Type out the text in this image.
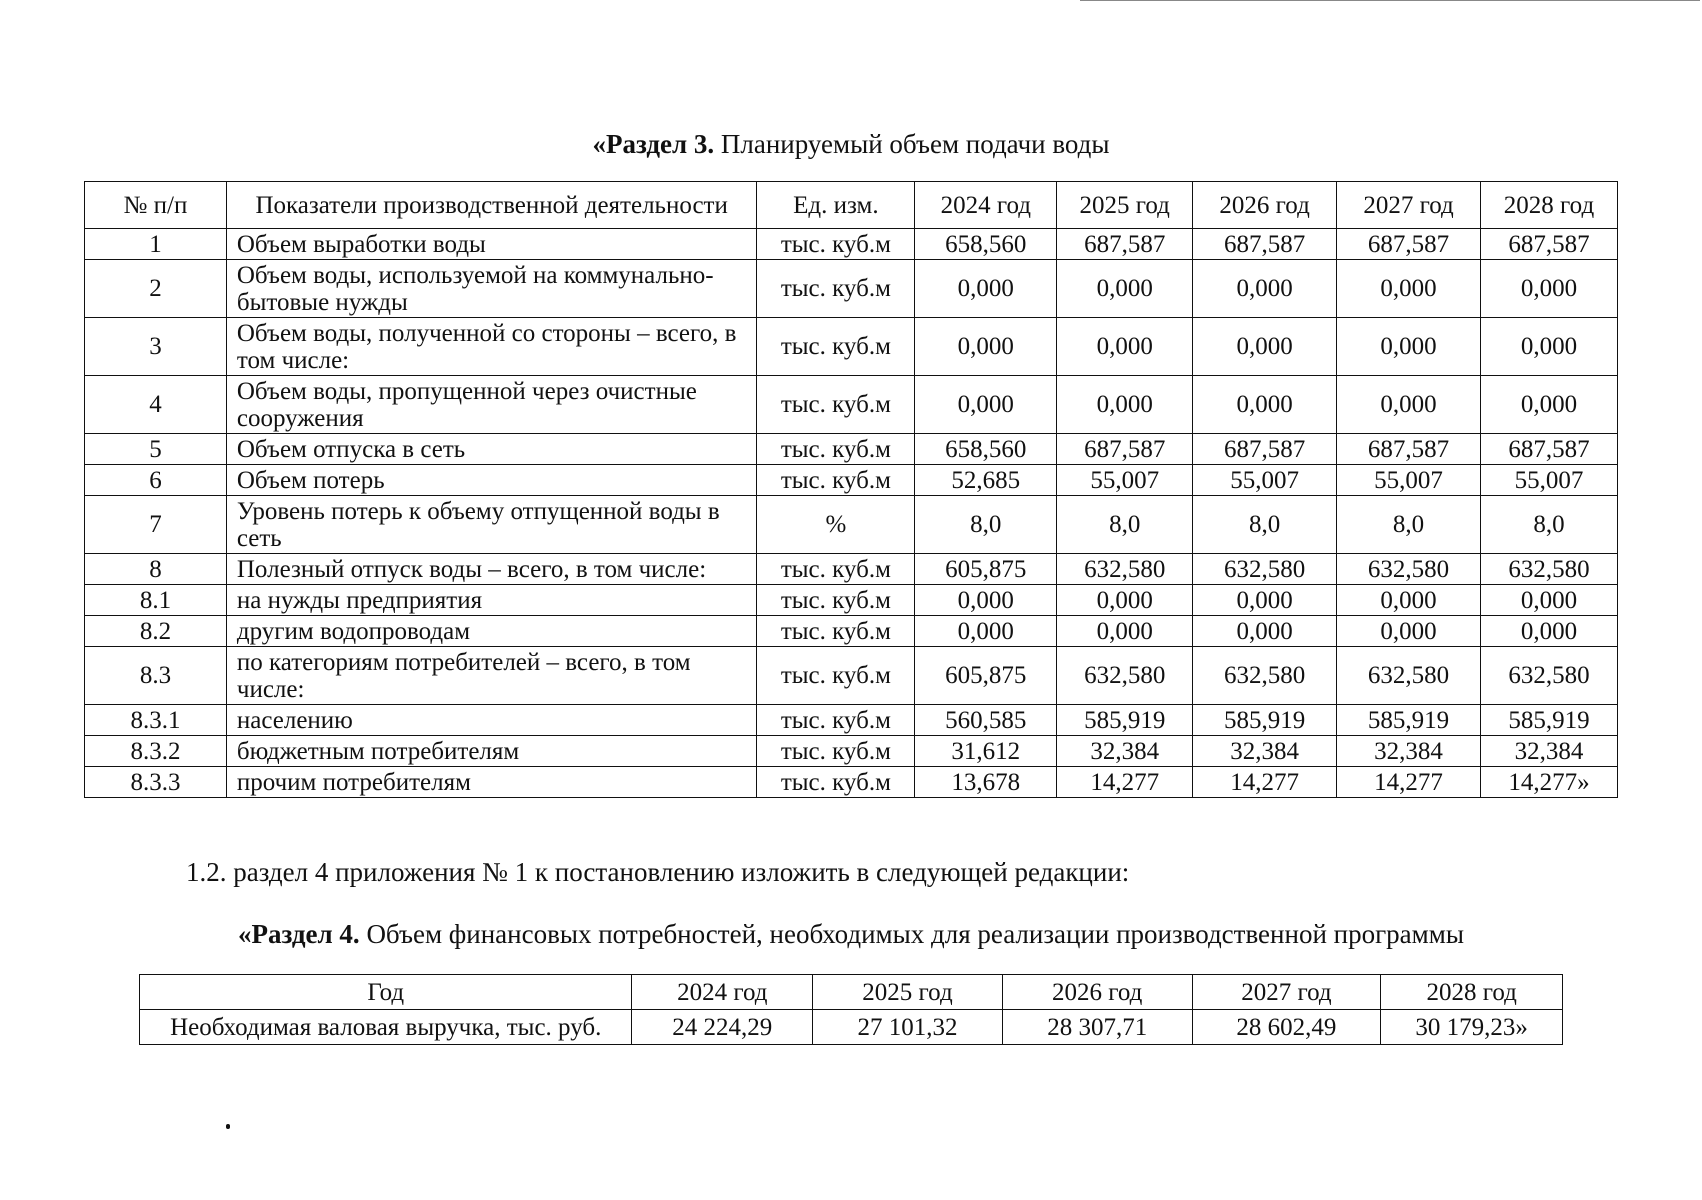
«Раздел 3. Планируемый объем подачи воды
№ п/п	Показатели производственной деятельности	Ед. изм.	2024 год	2025 год	2026 год	2027 год	2028 год
1	Объем выработки воды	тыс. куб.м	658,560	687,587	687,587	687,587	687,587
2	Объем воды, используемой на коммунально-бытовые нужды	тыс. куб.м	0,000	0,000	0,000	0,000	0,000
3	Объем воды, полученной со стороны – всего, в том числе:	тыс. куб.м	0,000	0,000	0,000	0,000	0,000
4	Объем воды, пропущенной через очистные сооружения	тыс. куб.м	0,000	0,000	0,000	0,000	0,000
5	Объем отпуска в сеть	тыс. куб.м	658,560	687,587	687,587	687,587	687,587
6	Объем потерь	тыс. куб.м	52,685	55,007	55,007	55,007	55,007
7	Уровень потерь к объему отпущенной воды в сеть	%	8,0	8,0	8,0	8,0	8,0
8	Полезный отпуск воды – всего, в том числе:	тыс. куб.м	605,875	632,580	632,580	632,580	632,580
8.1	на нужды предприятия	тыс. куб.м	0,000	0,000	0,000	0,000	0,000
8.2	другим водопроводам	тыс. куб.м	0,000	0,000	0,000	0,000	0,000
8.3	по категориям потребителей – всего, в том числе:	тыс. куб.м	605,875	632,580	632,580	632,580	632,580
8.3.1	населению	тыс. куб.м	560,585	585,919	585,919	585,919	585,919
8.3.2	бюджетным потребителям	тыс. куб.м	31,612	32,384	32,384	32,384	32,384
8.3.3	прочим потребителям	тыс. куб.м	13,678	14,277	14,277	14,277	14,277»
1.2. раздел 4 приложения № 1 к постановлению изложить в следующей редакции:
«Раздел 4. Объем финансовых потребностей, необходимых для реализации производственной программы
Год	2024 год	2025 год	2026 год	2027 год	2028 год
Необходимая валовая выручка, тыс. руб.	24 224,29	27 101,32	28 307,71	28 602,49	30 179,23»
